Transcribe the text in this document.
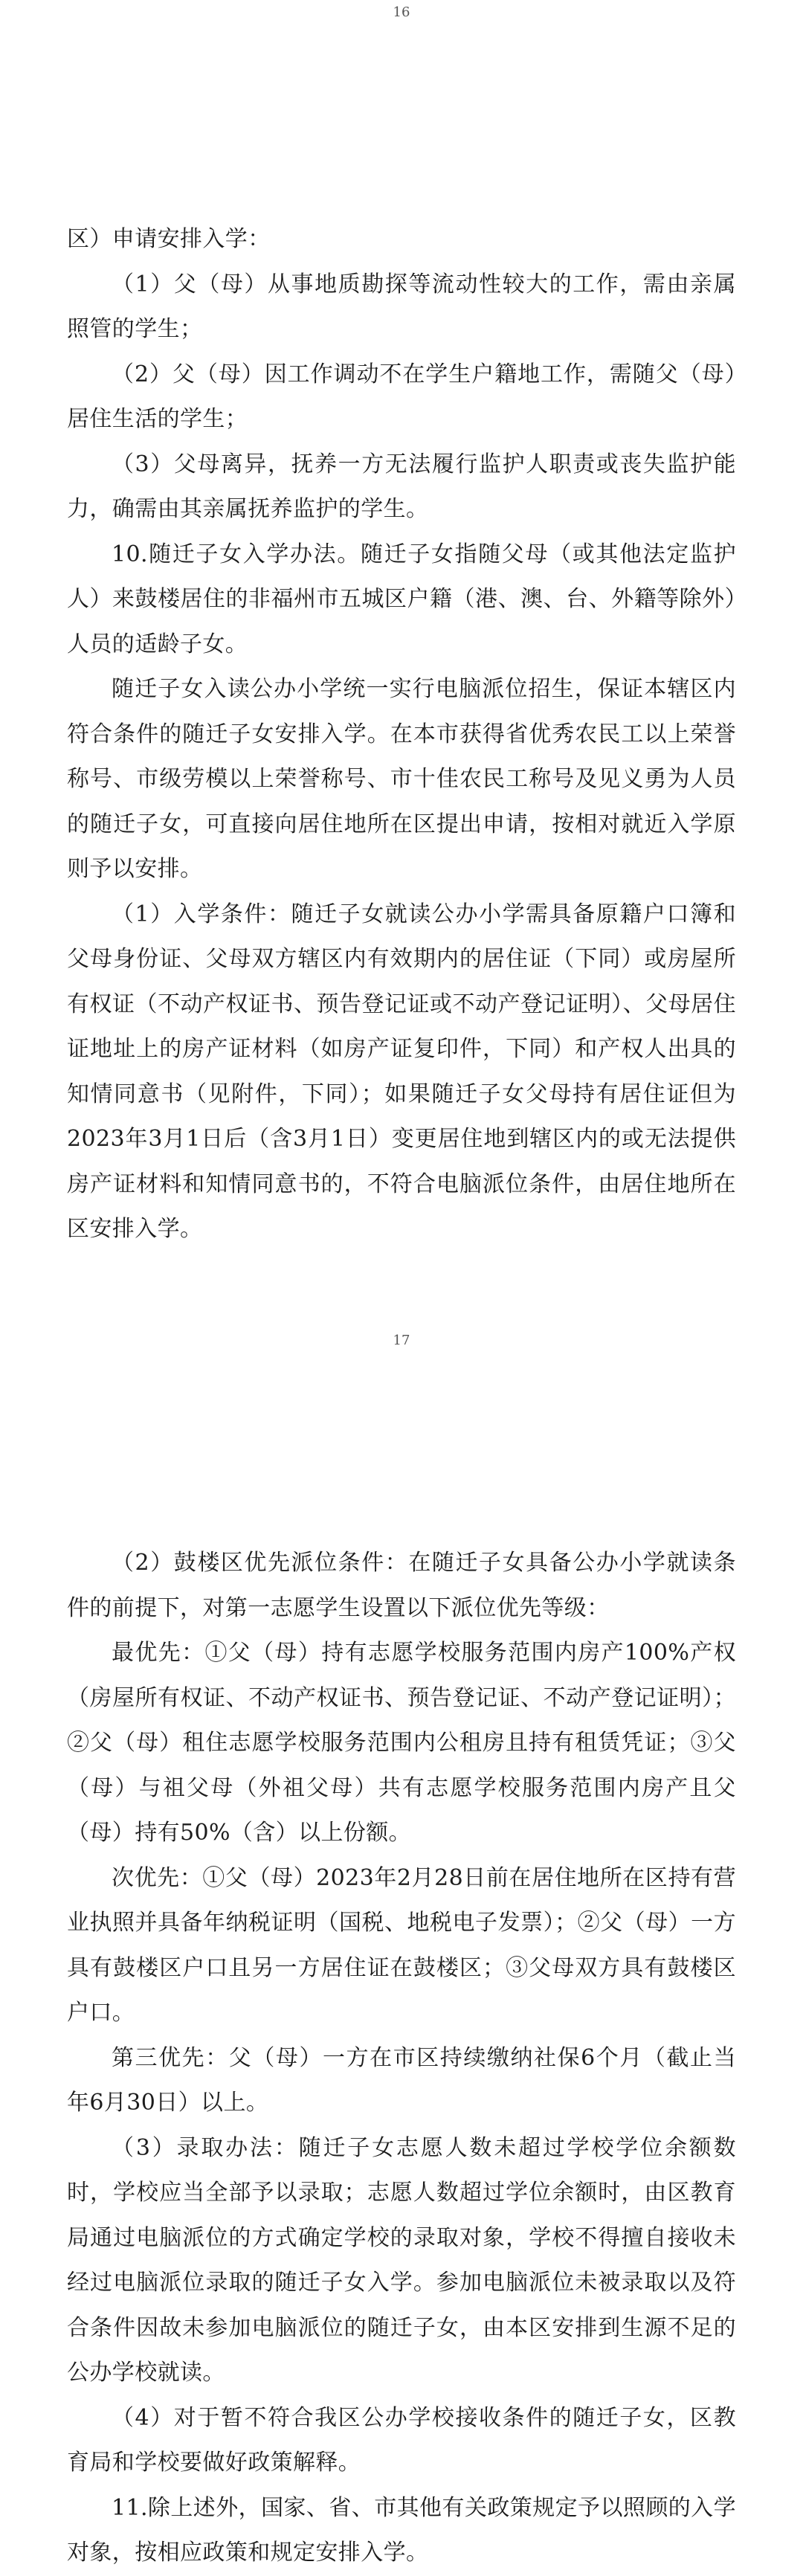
16

区）申请安排入学：

（1）父（母）从事地质勘探等流动性较大的工作，需由亲属照管的学生；

（2）父（母）因工作调动不在学生户籍地工作，需随父（母）居住生活的学生；

（3）父母离异，抚养一方无法履行监护人职责或丧失监护能力，确需由其亲属抚养监护的学生。

10.随迁子女入学办法。随迁子女指随父母（或其他法定监护人）来鼓楼居住的非福州市五城区户籍（港、澳、台、外籍等除外）人员的适龄子女。

随迁子女入读公办小学统一实行电脑派位招生，保证本辖区内符合条件的随迁子女安排入学。在本市获得省优秀农民工以上荣誉称号、市级劳模以上荣誉称号、市十佳农民工称号及见义勇为人员的随迁子女，可直接向居住地所在区提出申请，按相对就近入学原则予以安排。

（1）入学条件：随迁子女就读公办小学需具备原籍户口簿和父母身份证、父母双方辖区内有效期内的居住证（下同）或房屋所有权证（不动产权证书、预告登记证或不动产登记证明）、父母居住证地址上的房产证材料（如房产证复印件，下同）和产权人出具的知情同意书（见附件，下同）；如果随迁子女父母持有居住证但为2023年3月1日后（含3月1日）变更居住地到辖区内的或无法提供房产证材料和知情同意书的，不符合电脑派位条件，由居住地所在区安排入学。

17

（2）鼓楼区优先派位条件：在随迁子女具备公办小学就读条件的前提下，对第一志愿学生设置以下派位优先等级：

最优先：①父（母）持有志愿学校服务范围内房产100%产权（房屋所有权证、不动产权证书、预告登记证、不动产登记证明）；②父（母）租住志愿学校服务范围内公租房且持有租赁凭证；③父（母）与祖父母（外祖父母）共有志愿学校服务范围内房产且父（母）持有50%（含）以上份额。

次优先：①父（母）2023年2月28日前在居住地所在区持有营业执照并具备年纳税证明（国税、地税电子发票）；②父（母）一方具有鼓楼区户口且另一方居住证在鼓楼区；③父母双方具有鼓楼区户口。

第三优先：父（母）一方在市区持续缴纳社保6个月（截止当年6月30日）以上。

（3）录取办法：随迁子女志愿人数未超过学校学位余额数时，学校应当全部予以录取；志愿人数超过学位余额时，由区教育局通过电脑派位的方式确定学校的录取对象，学校不得擅自接收未经过电脑派位录取的随迁子女入学。参加电脑派位未被录取以及符合条件因故未参加电脑派位的随迁子女，由本区安排到生源不足的公办学校就读。

（4）对于暂不符合我区公办学校接收条件的随迁子女，区教育局和学校要做好政策解释。

11.除上述外，国家、省、市其他有关政策规定予以照顾的入学对象，按相应政策和规定安排入学。
